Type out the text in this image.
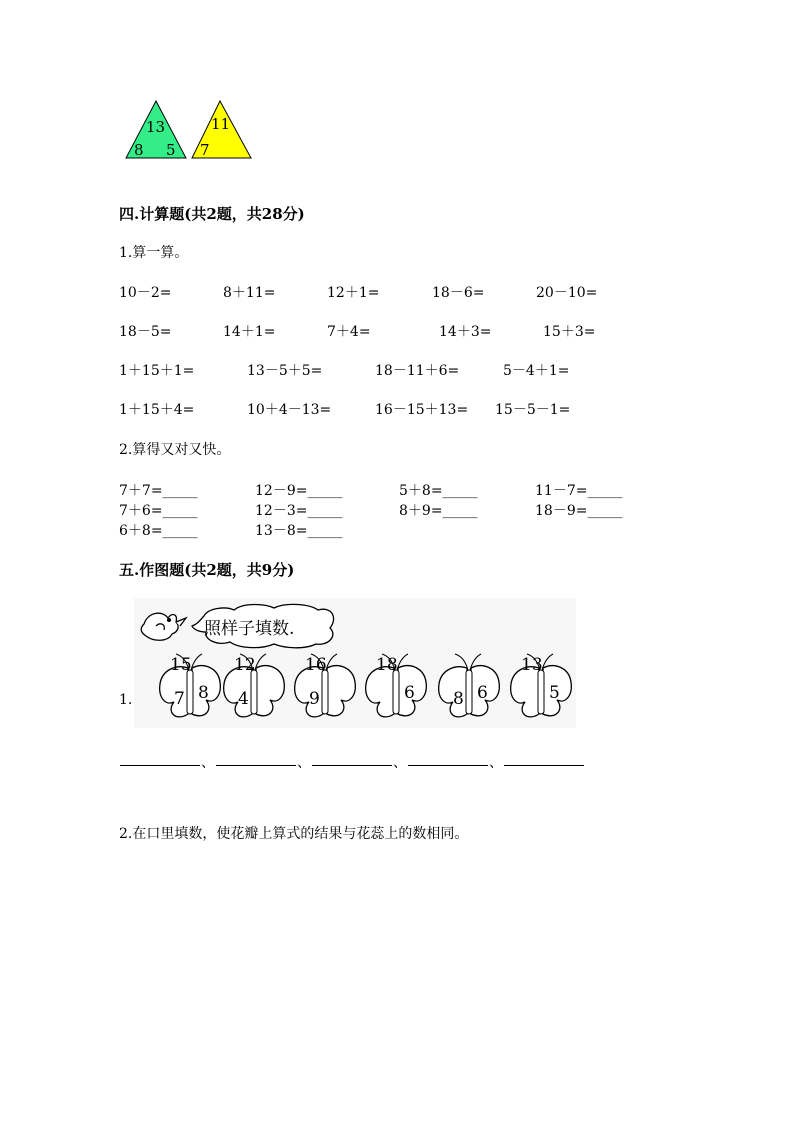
13
8 5
11
7
四.计算题(共2题，共28分)
1.算一算。
10－2=	8＋11=	12＋1=	18－6=	20－10=
18－5=	14＋1=	7＋4=	14＋3=	15＋3=
1＋15＋1=	13－5＋5=	18－11＋6=	5－4＋1=
1＋15＋4=	10＋4－13=	16－15＋13= 15－5－1=
2.算得又对又快。
7＋7=_____	12－9=_____	5＋8=_____	11－7=_____
7＋6=_____	12－3=_____	8＋9=_____	18－9=_____
6＋8=_____	13－8=_____
五.作图题(共2题，共9分)
照样子填数.
15
7 8
12
4
16
9
18
6 8 6
13
5
1.
、	、	、	、
2.在口里填数，使花瓣上算式的结果与花蕊上的数相同。
